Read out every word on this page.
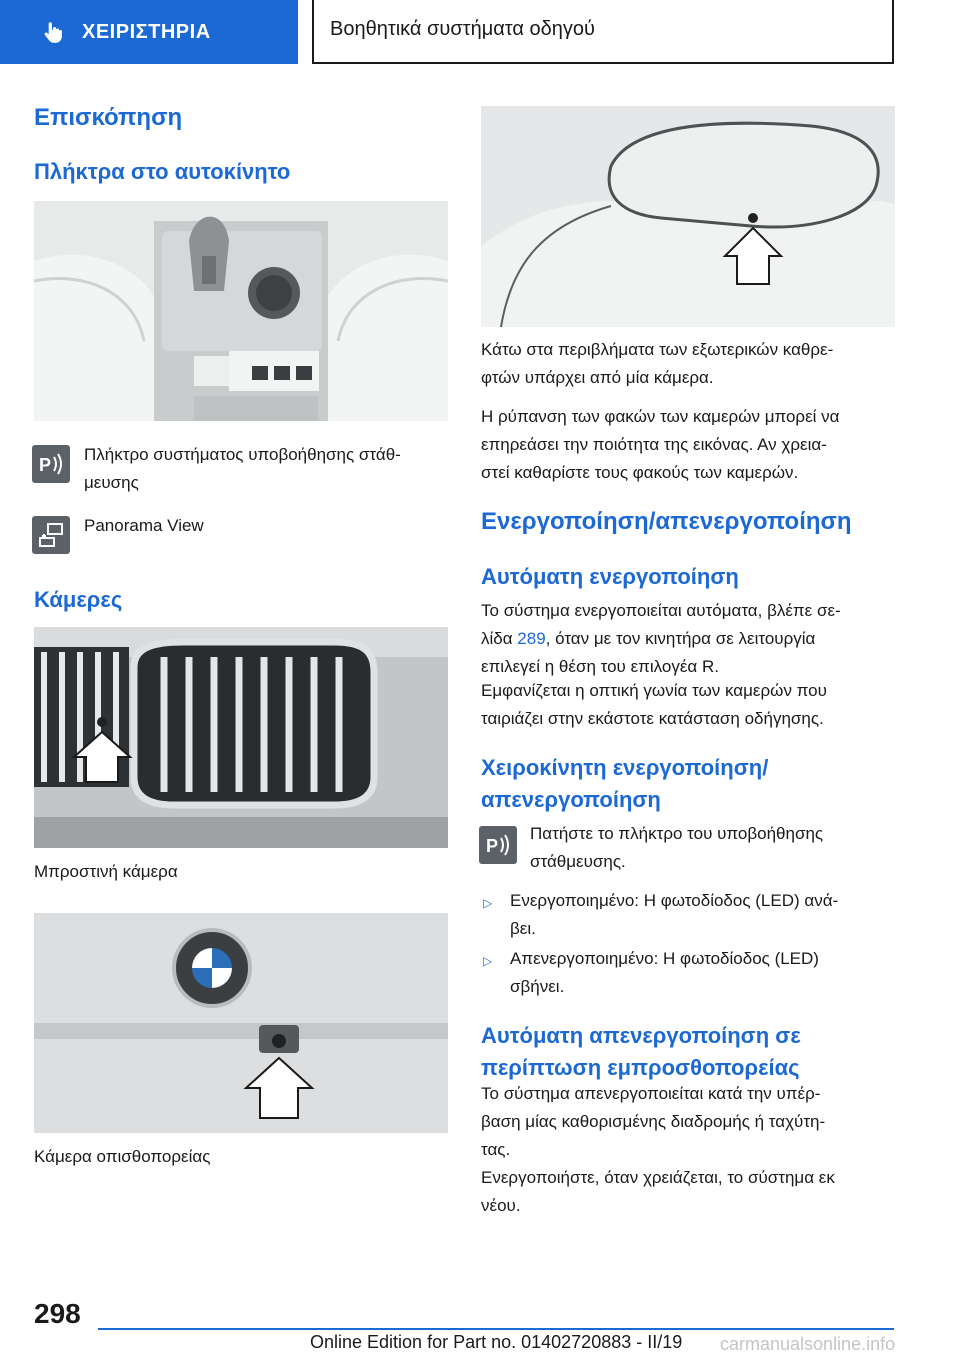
ΧΕΙΡΙΣΤΗΡΙΑ	Βοηθητικά συστήματα οδηγού
Επισκόπηση
Πλήκτρα στο αυτοκίνητο
P
Πλήκτρο συστήματος υποβοήθησης στάθ-
μευσης
Panorama View
Κάμερες
Μπροστινή κάμερα
Κάμερα οπισθοπορείας
Κάτω στα περιβλήματα των εξωτερικών καθρε-
φτών υπάρχει από μία κάμερα.
Η ρύπανση των φακών των καμερών μπορεί να
επηρεάσει την ποιότητα της εικόνας. Αν χρεια-
στεί καθαρίστε τους φακούς των καμερών.
Ενεργοποίηση/απενεργοποίηση
Αυτόματη ενεργοποίηση
Το σύστημα ενεργοποιείται αυτόματα, βλέπε σε-
λίδα 289, όταν με τον κινητήρα σε λειτουργία
επιλεγεί η θέση του επιλογέα R.
Εμφανίζεται η οπτική γωνία των καμερών που
ταιριάζει στην εκάστοτε κατάσταση οδήγησης.
Χειροκίνητη ενεργοποίηση/
απενεργοποίηση
P
Πατήστε το πλήκτρο του υποβοήθησης
στάθμευσης.
▷ Ενεργοποιημένο: Η φωτοδίοδος (LED) ανά-
βει.
▷ Απενεργοποιημένο: Η φωτοδίοδος (LED)
σβήνει.
Αυτόματη απενεργοποίηση σε
περίπτωση εμπροσθοπορείας
Το σύστημα απενεργοποιείται κατά την υπέρ-
βαση μίας καθορισμένης διαδρομής ή ταχύτη-
τας.
Ενεργοποιήστε, όταν χρειάζεται, το σύστημα εκ
νέου.
298
Online Edition for Part no. 01402720883 - II/19 carmanualsonline.info
